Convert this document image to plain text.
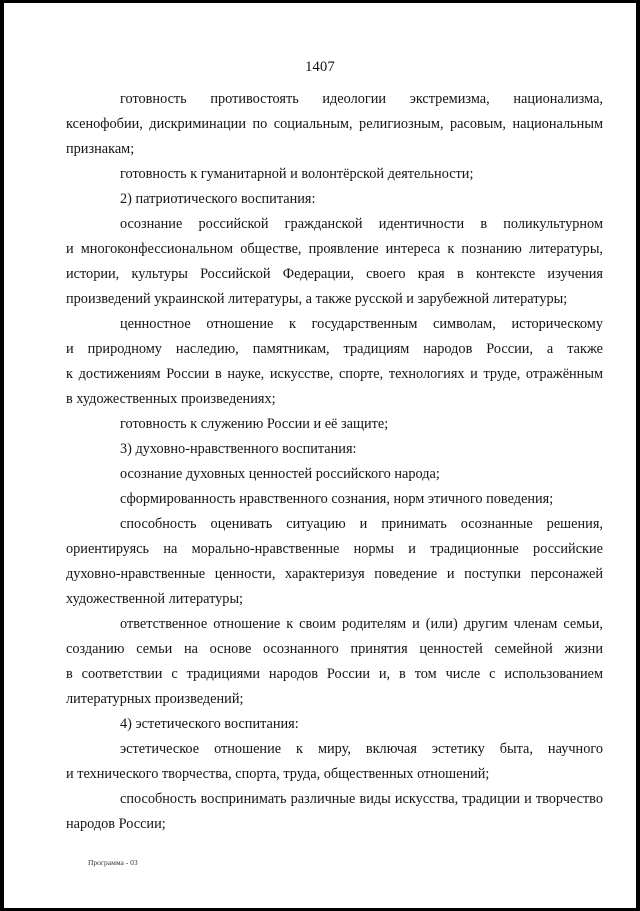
1407
готовность противостоять идеологии экстремизма, национализма,
ксенофобии, дискриминации по социальным, религиозным, расовым, национальным
признакам;
готовность к гуманитарной и волонтёрской деятельности;
2) патриотического воспитания:
осознание российской гражданской идентичности в поликультурном
и многоконфессиональном обществе, проявление интереса к познанию литературы,
истории, культуры Российской Федерации, своего края в контексте изучения
произведений украинской литературы, а также русской и зарубежной литературы;
ценностное отношение к государственным символам, историческому
и природному наследию, памятникам, традициям народов России, а также
к достижениям России в науке, искусстве, спорте, технологиях и труде, отражённым
в художественных произведениях;
готовность к служению России и её защите;
3) духовно-нравственного воспитания:
осознание духовных ценностей российского народа;
сформированность нравственного сознания, норм этичного поведения;
способность оценивать ситуацию и принимать осознанные решения,
ориентируясь на морально-нравственные нормы и традиционные российские
духовно-нравственные ценности, характеризуя поведение и поступки персонажей
художественной литературы;
ответственное отношение к своим родителям и (или) другим членам семьи,
созданию семьи на основе осознанного принятия ценностей семейной жизни
в соответствии с традициями народов России и, в том числе с использованием
литературных произведений;
4) эстетического воспитания:
эстетическое отношение к миру, включая эстетику быта, научного
и технического творчества, спорта, труда, общественных отношений;
способность воспринимать различные виды искусства, традиции и творчество
народов России;
Программа - 03
